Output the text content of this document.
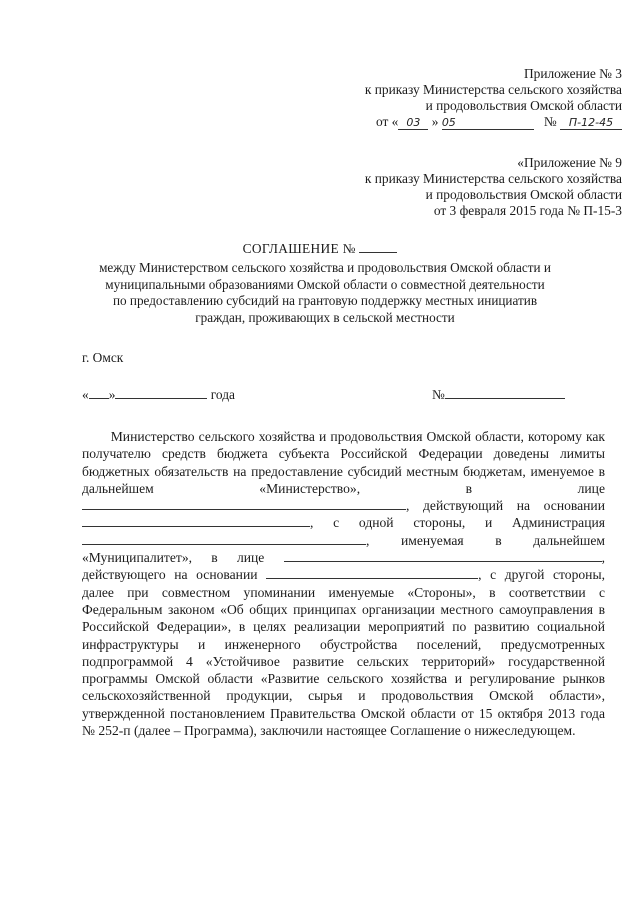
Приложение № 3
к приказу Министерства сельского хозяйства
и продовольствия Омской области
от « 03 » 05	№ П-12-45
«Приложение № 9
к приказу Министерства сельского хозяйства
и продовольствия Омской области
от 3 февраля 2015 года № П-15-3
СОГЛАШЕНИЕ №
между Министерством сельского хозяйства и продовольствия Омской области и
муниципальными образованиями Омской области о совместной деятельности
по предоставлению субсидий на грантовую поддержку местных инициатив
граждан, проживающих в сельской местности
г. Омск
« »	года	№

Министерство сельского хозяйства и продовольствия Омской области, которому как получателю средств бюджета субъекта Российской Федерации доведены лимиты бюджетных обязательств на предоставление субсидий местным бюджетам, именуемое в дальнейшем «Министерство», в лице , действующий на основании , с одной стороны, и Администрация , именуемая в дальнейшем «Муниципалитет», в лице	, действующего на основании	, с другой стороны, далее при совместном упоминании именуемые «Стороны», в соответствии с Федеральным законом «Об общих принципах организации местного самоуправления в Российской Федерации», в целях реализации мероприятий по развитию социальной инфраструктуры и инженерного обустройства поселений, предусмотренных подпрограммой 4 «Устойчивое развитие сельских территорий» государственной программы Омской области «Развитие сельского хозяйства и регулирование рынков сельскохозяйственной продукции, сырья и продовольствия Омской области», утвержденной постановлением Правительства Омской области от 15 октября 2013 года № 252-п (далее – Программа), заключили настоящее Соглашение о нижеследующем.
